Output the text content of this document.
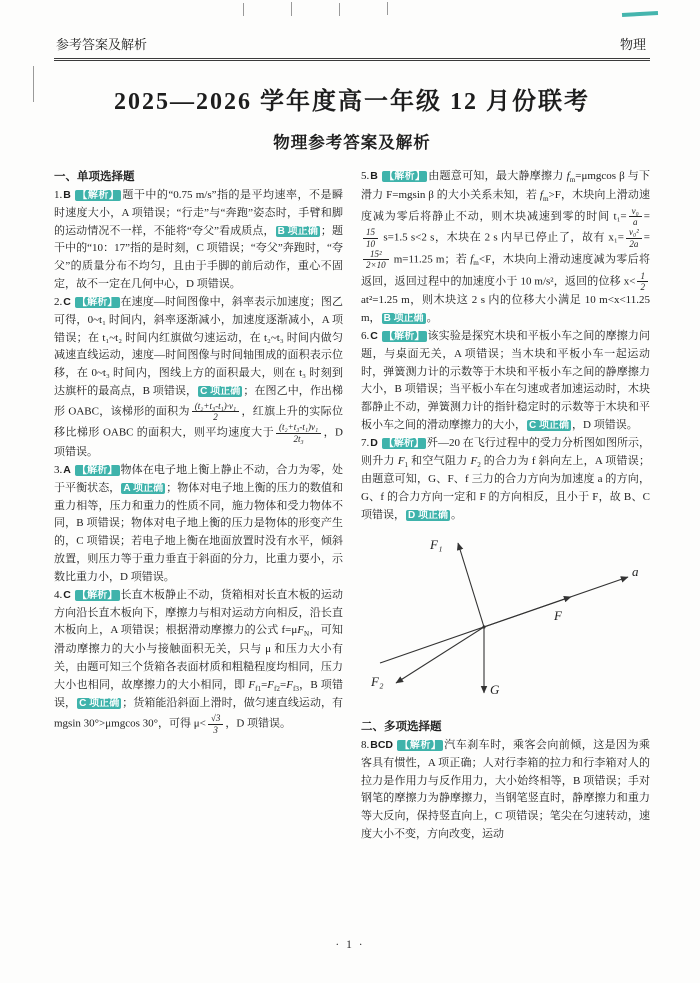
参考答案及解析	物理
2025—2026 学年度高一年级 12 月份联考
物理参考答案及解析
一、单项选择题

1.B 【解析】 题干中的“0.75 m/s”指的是平均速率，不是瞬时速度大小，A 项错误；“行走”与“奔跑”姿态时，手臂和脚的运动情况不一样，不能将“夸父”看成质点， B 项正确 ；题干中的“10：17”指的是时刻，C 项错误；“夸父”奔跑时，“夸父”的质量分布不均匀，且由于手脚的前后动作，重心不固定，故不一定在几何中心，D 项错误。

2.C 【解析】 在速度—时间图像中，斜率表示加速度；图乙可得，0~t₁ 时间内，斜率逐渐减小，加速度逐渐减小，A 项错误；在 t₁~t₂ 时间内红旗做匀速运动，在 t₂~t₃ 时间内做匀减速直线运动，速度—时间图像与时间轴围成的面积表示位移，在 0~t₃ 时间内，图线上方的面积最大，则在 t₃ 时刻到达旗杆的最高点，B 项错误， C 项正确 ；在图乙中，作出梯形 OABC，该梯形的面积为 $\frac{\text{(t₂+t₃-t₁)·v₁}}{2}$ ，红旗上升的实际位移比梯形 OABC 的面积大，则平均速度大于 $\frac{\text{(t₂+t₃-t₁)v₁}}{\text{2t₃}}$ ，D 项错误。

3.A 【解析】 物体在电子地上衡上静止不动，合力为零，处于平衡状态， A 项正确 ；物体对电子地上衡的压力的数值和重力相等，压力和重力的性质不同，施力物体和受力物体不同，B 项错误；物体对电子地上衡的压力是物体的形变产生的，C 项错误；若电子地上衡在地面放置时没有水平，倾斜放置，则压力等于重力垂直于斜面的分力，比重力要小，示数比重力小，D 项错误。

4.C 【解析】 长直木板静止不动，货箱相对长直木板的运动方向沿长直木板向下，摩擦力与相对运动方向相反，沿长直木板向上，A 项错误；根据滑动摩擦力的公式 $f=\mu F_N$，可知滑动摩擦力的大小与接触面积无关，只与 μ 和压力大小有关，由题可知三个货箱各表面材质和粗糙程度均相同，压力大小也相同，故摩擦力的大小相同，即 $F_{f1}=F_{f2}=F_{f3}$，B 项错误， C 项正确 ；货箱能沿斜面上滑时，做匀速直线运动，有 mgsin 30°>μmgcos 30°，可得 $\mu< \frac{√3}{3}$ ，D 项错误。

5.B 【解析】 由题意可知，最大静摩擦力 $f_m=\mu mgcos$ β 与下滑力 F=mgsin β 的大小关系未知，若 $f_m>F$，木块向上滑动速度减为零后将静止不动，则木块减速到零的时间 $t_1= \frac{\text{v₀}}{a}$ =
$\frac{15}{10} s=1.5$ s<2 s，木块在 2 s 内早已停止了，故有 $x_1= \frac{\text{v₀²}}{2a}$ =
$\frac{\text{15²}}{2\times 10} m=11.25$ m；若 $f_m<F$，木块向上滑动速度减为零后将返回，返回过程中的加速度小于 10 m/s²，返回的位移 $x< \frac{1}{2}$
at²=1.25 m，则木块这 2 s 内的位移大小满足 10 m<x<11.25 m， B 项正确 。

6.C 【解析】 该实验是探究木块和平板小车之间的摩擦力问题，与桌面无关，A 项错误；当木块和平板小车一起运动时，弹簧测力计的示数等于木块和平板小车之间的静摩擦力大小，B 项错误；当平板小车在匀速或者加速运动时，木块都静止不动，弹簧测力计的指针稳定时的示数等于木块和平板小车之间的滑动摩擦力的大小， C 项正确 ，D 项错误。

7.D 【解析】 歼—20 在飞行过程中的受力分析图如图所示，则升力 $F_1$ 和空气阻力 $F_2$ 的合力为 f 斜向左上，A 项错误；由题意可知，G、F、f 三力的合力方向为加速度 a 的方向，G、f 的合力方向一定和 F 的方向相反，且小于 F，故 B、C 项错误， D 项正确 。

F₁
F₂
F
G
a
二、多项选择题

8.BCD 【解析】 汽车刹车时，乘客会向前倾，这是因为乘客具有惯性，A 项正确；人对行李箱的拉力和行李箱对人的拉力是作用力与反作用力，大小始终相等，B 项错误；手对钢笔的摩擦力为静摩擦力，当钢笔竖直时，静摩擦力和重力等大反向，保持竖直向上，C 项错误；笔尖在匀速转动，速度大小不变，方向改变，运动

· 1 ·
